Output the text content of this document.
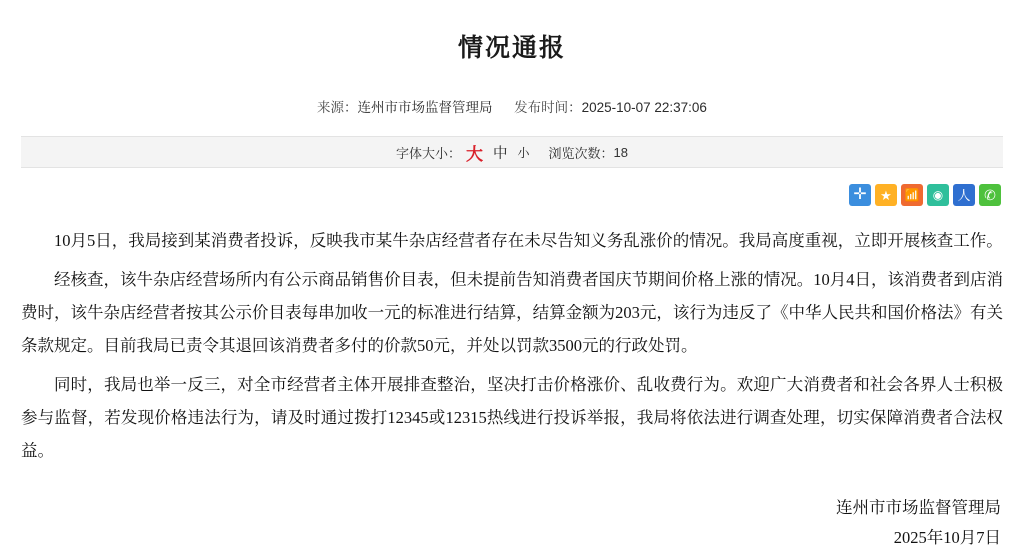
情况通报
来源：连州市市场监督管理局 发布时间：2025-10-07 22:37:06
字体大小： 大 中 小 浏览次数： 18
✛	★	📶	◉	人 ✆

10月5日，我局接到某消费者投诉，反映我市某牛杂店经营者存在未尽告知义务乱涨价的情况。我局高度重视，立即开展核查工作。

经核查，该牛杂店经营场所内有公示商品销售价目表，但未提前告知消费者国庆节期间价格上涨的情况。10月4日，该消费者到店消费时，该牛杂店经营者按其公示价目表每串加收一元的标准进行结算，结算金额为203元，该行为违反了《中华人民共和国价格法》有关条款规定。目前我局已责令其退回该消费者多付的价款50元，并处以罚款3500元的行政处罚。

同时，我局也举一反三，对全市经营者主体开展排查整治，坚决打击价格涨价、乱收费行为。欢迎广大消费者和社会各界人士积极参与监督，若发现价格违法行为，请及时通过拨打12345或12315热线进行投诉举报，我局将依法进行调查处理，切实保障消费者合法权益。

连州市市场监督管理局
2025年10月7日
